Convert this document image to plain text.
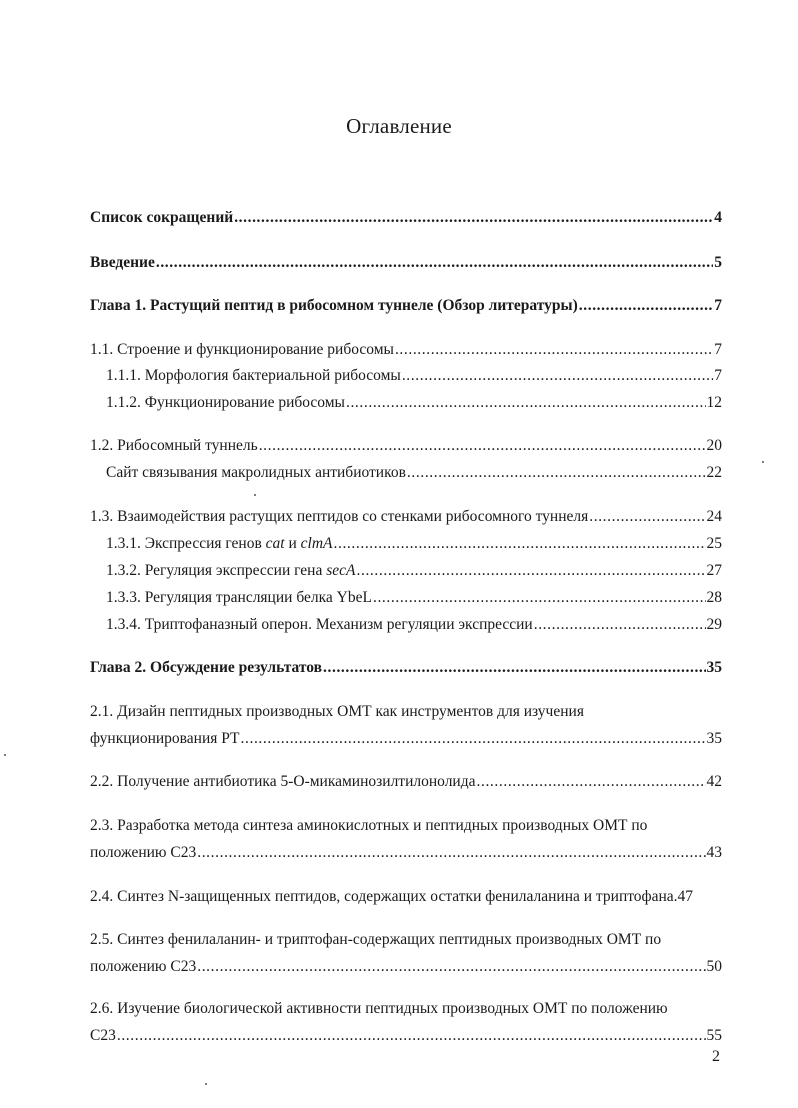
Оглавление
Список сокращений .....	4
Введение .....	5
Глава 1. Растущий пептид в рибосомном туннеле (Обзор литературы) .....	7
1.1. Строение и функционирование рибосомы .....	7
1.1.1. Морфология бактериальной рибосомы .....	7
1.1.2. Функционирование рибосомы .....	12
1.2. Рибосомный туннель .....	20
Сайт связывания макролидных антибиотиков .....	22
1.3. Взаимодействия растущих пептидов со стенками рибосомного туннеля .....	24
1.3.1. Экспрессия генов cat и clmA .....	25
1.3.2. Регуляция экспрессии гена secA .....	27
1.3.3. Регуляция трансляции белка YbeL .....	28
1.3.4. Триптофаназный оперон. Механизм регуляции экспрессии .....	29
Глава 2. Обсуждение результатов .....	35
2.1. Дизайн пептидных производных ОМТ как инструментов для изучения
функционирования РТ .....	35
2.2. Получение антибиотика 5-О-микаминозилтилонолида .....	42
2.3. Разработка метода синтеза аминокислотных и пептидных производных ОМТ по
положению С23 .....	43
2.4. Синтез N-защищенных пептидов, содержащих остатки фенилаланина и триптофана. 47
2.5. Синтез фенилаланин- и триптофан-содержащих пептидных производных ОМТ по
положению С23 .....	50
2.6. Изучение биологической активности пептидных производных ОМТ по положению
С23 .....	55
2
